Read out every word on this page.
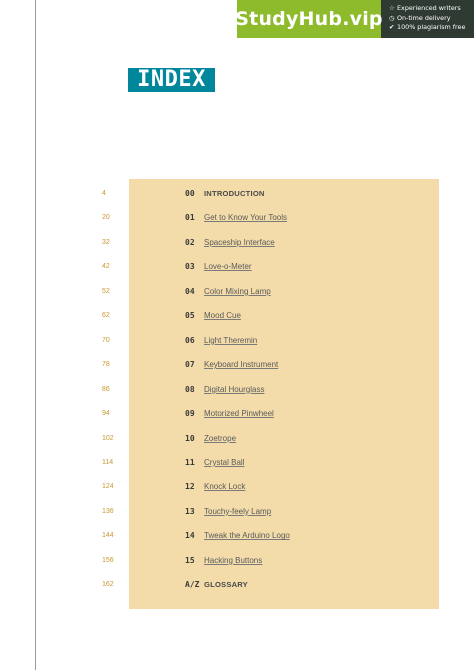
StudyHub.vip ☆ Experienced writers
◷ On-time delivery
✔ 100% plagiarism free
INDEX
4	00 INTRODUCTION
20	01 Get to Know Your Tools
32	02 Spaceship Interface
42	03 Love-o-Meter
52	04 Color Mixing Lamp
62	05 Mood Cue
70	06 Light Theremin
78	07 Keyboard Instrument
86	08 Digital Hourglass
94	09 Motorized Pinwheel
102	10 Zoetrope
114	11 Crystal Ball
124	12 Knock Lock
136	13 Touchy-feely Lamp
144	14 Tweak the Arduino Logo
156	15 Hacking Buttons
162	A/Z GLOSSARY
